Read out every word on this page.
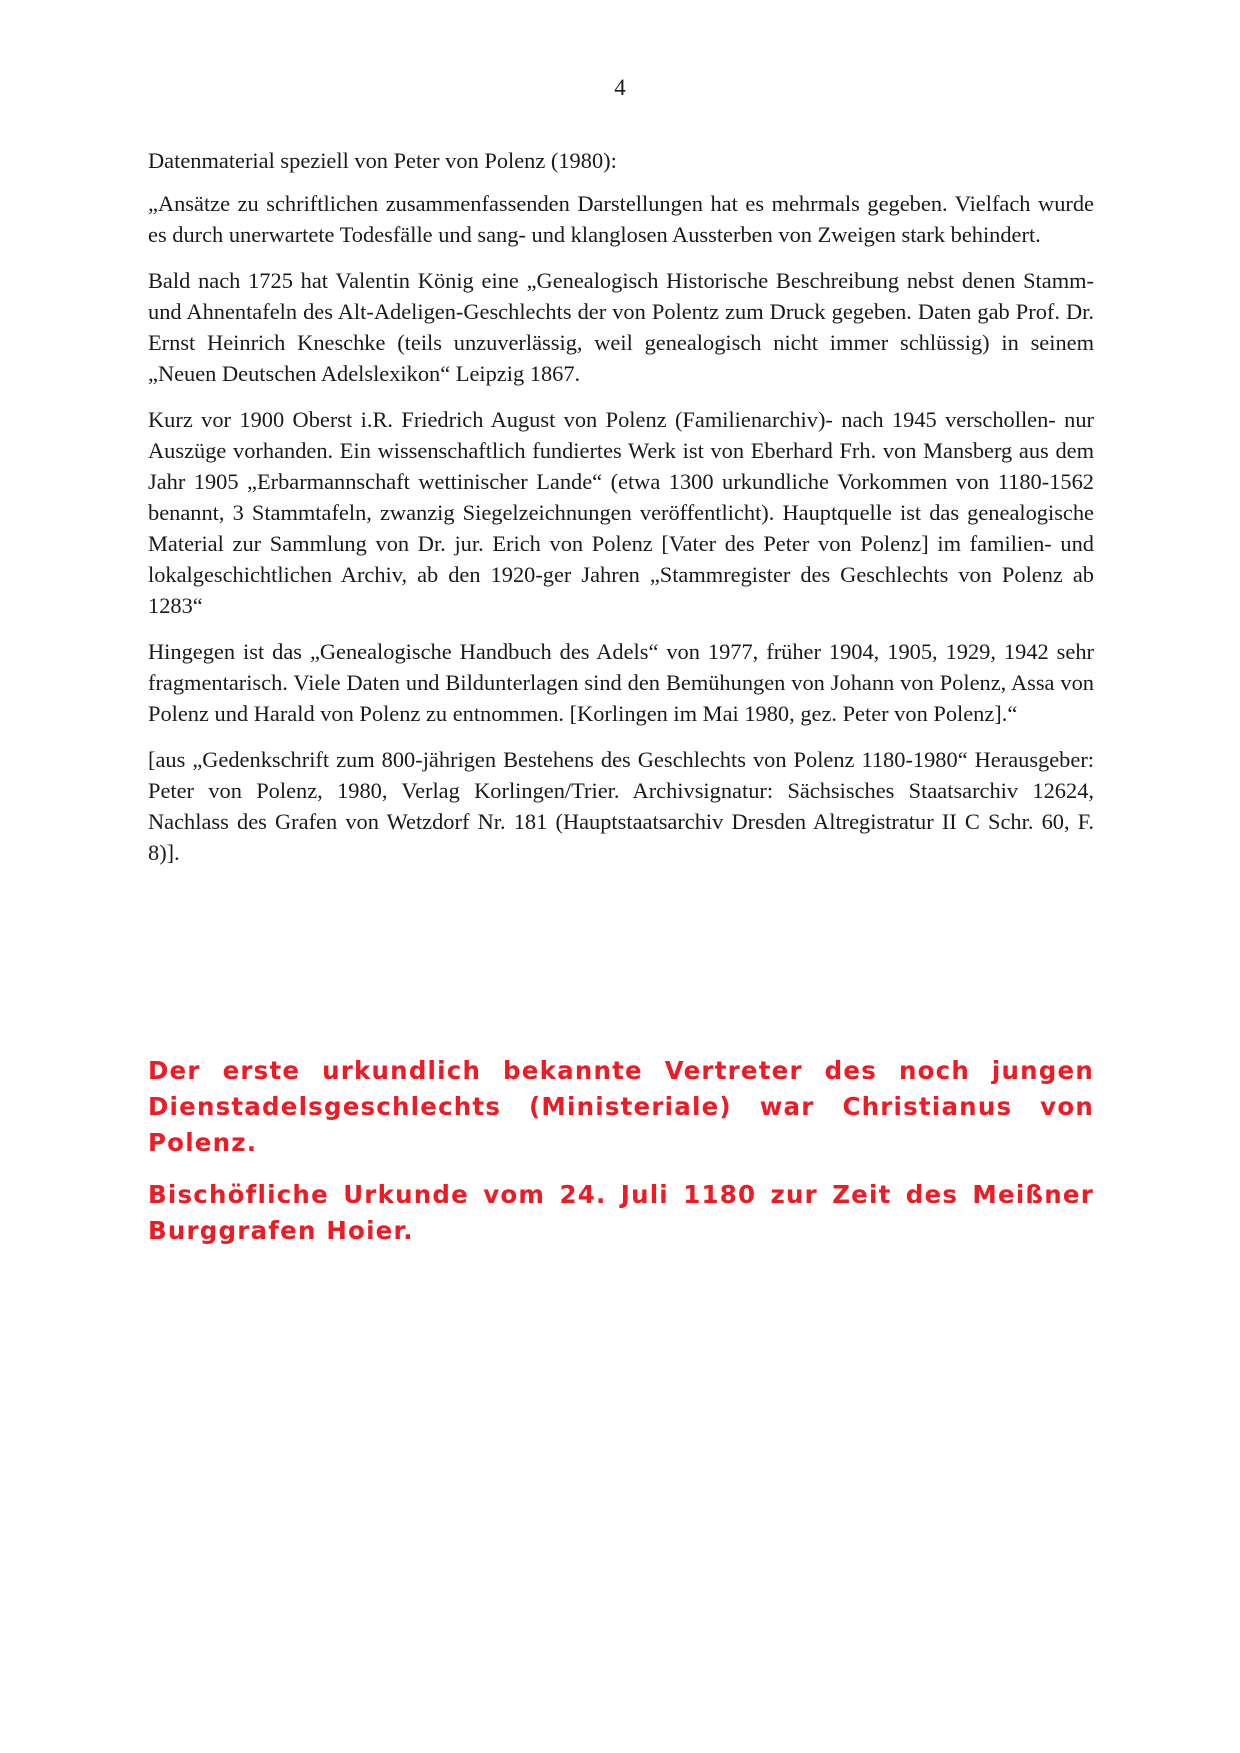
4

Datenmaterial speziell von Peter von Polenz (1980):

„Ansätze zu schriftlichen zusammenfassenden Darstellungen hat es mehrmals gegeben. Vielfach wurde es durch unerwartete Todesfälle und sang- und klanglosen Aussterben von Zweigen stark behindert.

Bald nach 1725 hat Valentin König eine „Genealogisch Historische Beschreibung nebst denen Stamm- und Ahnentafeln des Alt-Adeligen-Geschlechts der von Polentz zum Druck gegeben. Daten gab Prof. Dr. Ernst Heinrich Kneschke (teils unzuverlässig, weil genealogisch nicht immer schlüssig) in seinem „Neuen Deutschen Adelslexikon“ Leipzig 1867.

Kurz vor 1900 Oberst i.R. Friedrich August von Polenz (Familienarchiv)- nach 1945 verschollen- nur Auszüge vorhanden. Ein wissenschaftlich fundiertes Werk ist von Eberhard Frh. von Mansberg aus dem Jahr 1905 „Erbarmannschaft wettinischer Lande“ (etwa 1300 urkundliche Vorkommen von 1180-1562 benannt, 3 Stammtafeln, zwanzig Siegelzeichnungen veröffentlicht). Hauptquelle ist das genealogische Material zur Sammlung von Dr. jur. Erich von Polenz [Vater des Peter von Polenz] im familien- und lokalgeschichtlichen Archiv, ab den 1920-ger Jahren „Stammregister des Geschlechts von Polenz ab 1283“

Hingegen ist das „Genealogische Handbuch des Adels“ von 1977, früher 1904, 1905, 1929, 1942 sehr fragmentarisch. Viele Daten und Bildunterlagen sind den Bemühungen von Johann von Polenz, Assa von Polenz und Harald von Polenz zu entnommen. [Korlingen im Mai 1980, gez. Peter von Polenz].“

[aus „Gedenkschrift zum 800-jährigen Bestehens des Geschlechts von Polenz 1180-1980“ Herausgeber: Peter von Polenz, 1980, Verlag Korlingen/Trier. Archivsignatur: Sächsisches Staatsarchiv 12624, Nachlass des Grafen von Wetzdorf Nr. 181 (Hauptstaatsarchiv Dresden Altregistratur II C Schr. 60, F. 8)].

Der erste urkundlich bekannte Vertreter des noch jungen Dienstadelsgeschlechts (Ministeriale) war Christianus von Polenz.

Bischöfliche Urkunde vom 24. Juli 1180 zur Zeit des Meißner Burggrafen Hoier.
